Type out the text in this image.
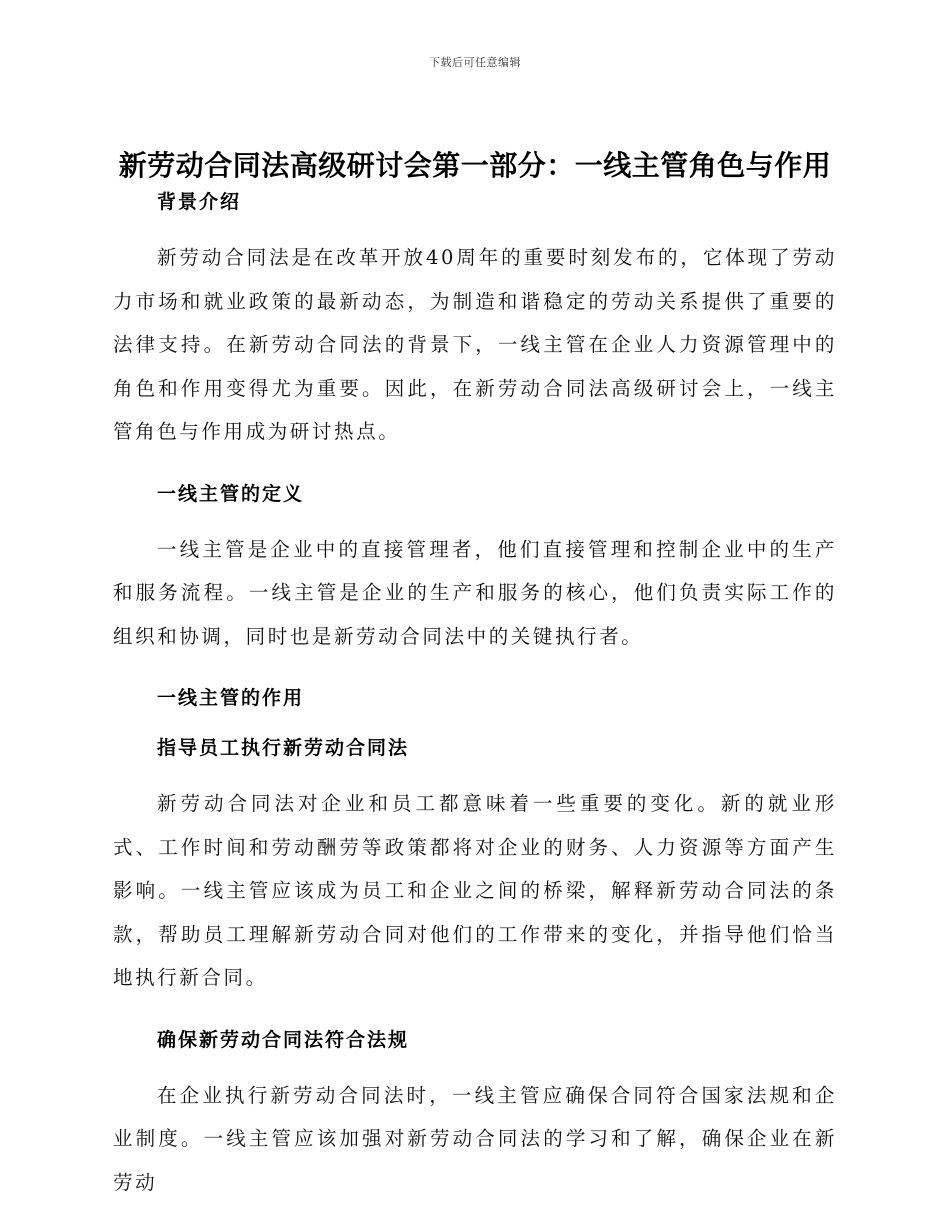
下载后可任意编辑
新劳动合同法高级研讨会第一部分：一线主管角色与作用
背景介绍

新劳动合同法是在改革开放40周年的重要时刻发布的，它体现了劳动力市场和就业政策的最新动态，为制造和谐稳定的劳动关系提供了重要的法律支持。在新劳动合同法的背景下，一线主管在企业人力资源管理中的角色和作用变得尤为重要。因此，在新劳动合同法高级研讨会上，一线主管角色与作用成为研讨热点。

一线主管的定义

一线主管是企业中的直接管理者，他们直接管理和控制企业中的生产和服务流程。一线主管是企业的生产和服务的核心，他们负责实际工作的组织和协调，同时也是新劳动合同法中的关键执行者。

一线主管的作用
指导员工执行新劳动合同法

新劳动合同法对企业和员工都意味着一些重要的变化。新的就业形式、工作时间和劳动酬劳等政策都将对企业的财务、人力资源等方面产生影响。一线主管应该成为员工和企业之间的桥梁，解释新劳动合同法的条款，帮助员工理解新劳动合同对他们的工作带来的变化，并指导他们恰当地执行新合同。

确保新劳动合同法符合法规

在企业执行新劳动合同法时，一线主管应确保合同符合国家法规和企业制度。一线主管应该加强对新劳动合同法的学习和了解，确保企业在新劳动
